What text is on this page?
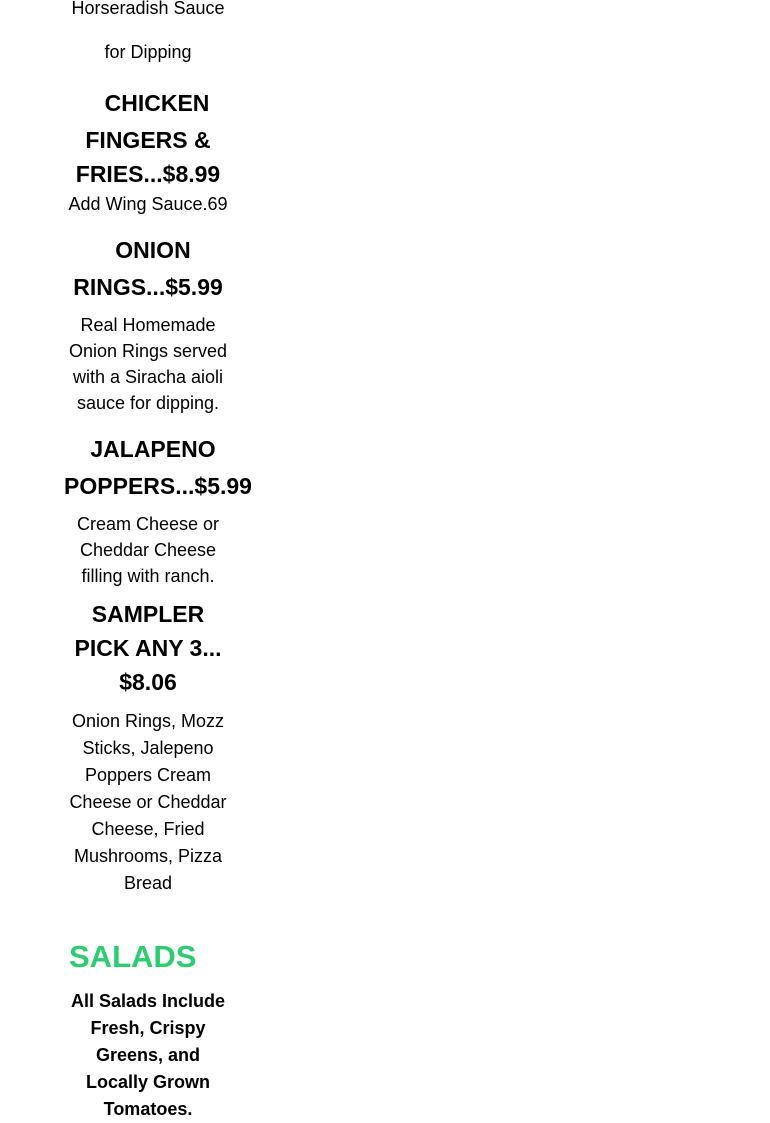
Horseradish Sauce
for Dipping
CHICKEN
FINGERS &
FRIES...$8.99
Add Wing Sauce.69
ONION
RINGS...$5.99
Real Homemade
Onion Rings served
with a Siracha aioli
sauce for dipping.
JALAPENO
POPPERS...$5.99
Cream Cheese or
Cheddar Cheese
filling with ranch.
SAMPLER
PICK ANY 3...
$8.06
Onion Rings, Mozz
Sticks, Jalepeno
Poppers Cream
Cheese or Cheddar
Cheese, Fried
Mushrooms, Pizza
Bread
SALADS
All Salads Include
Fresh, Crispy
Greens, and
Locally Grown
Tomatoes.
